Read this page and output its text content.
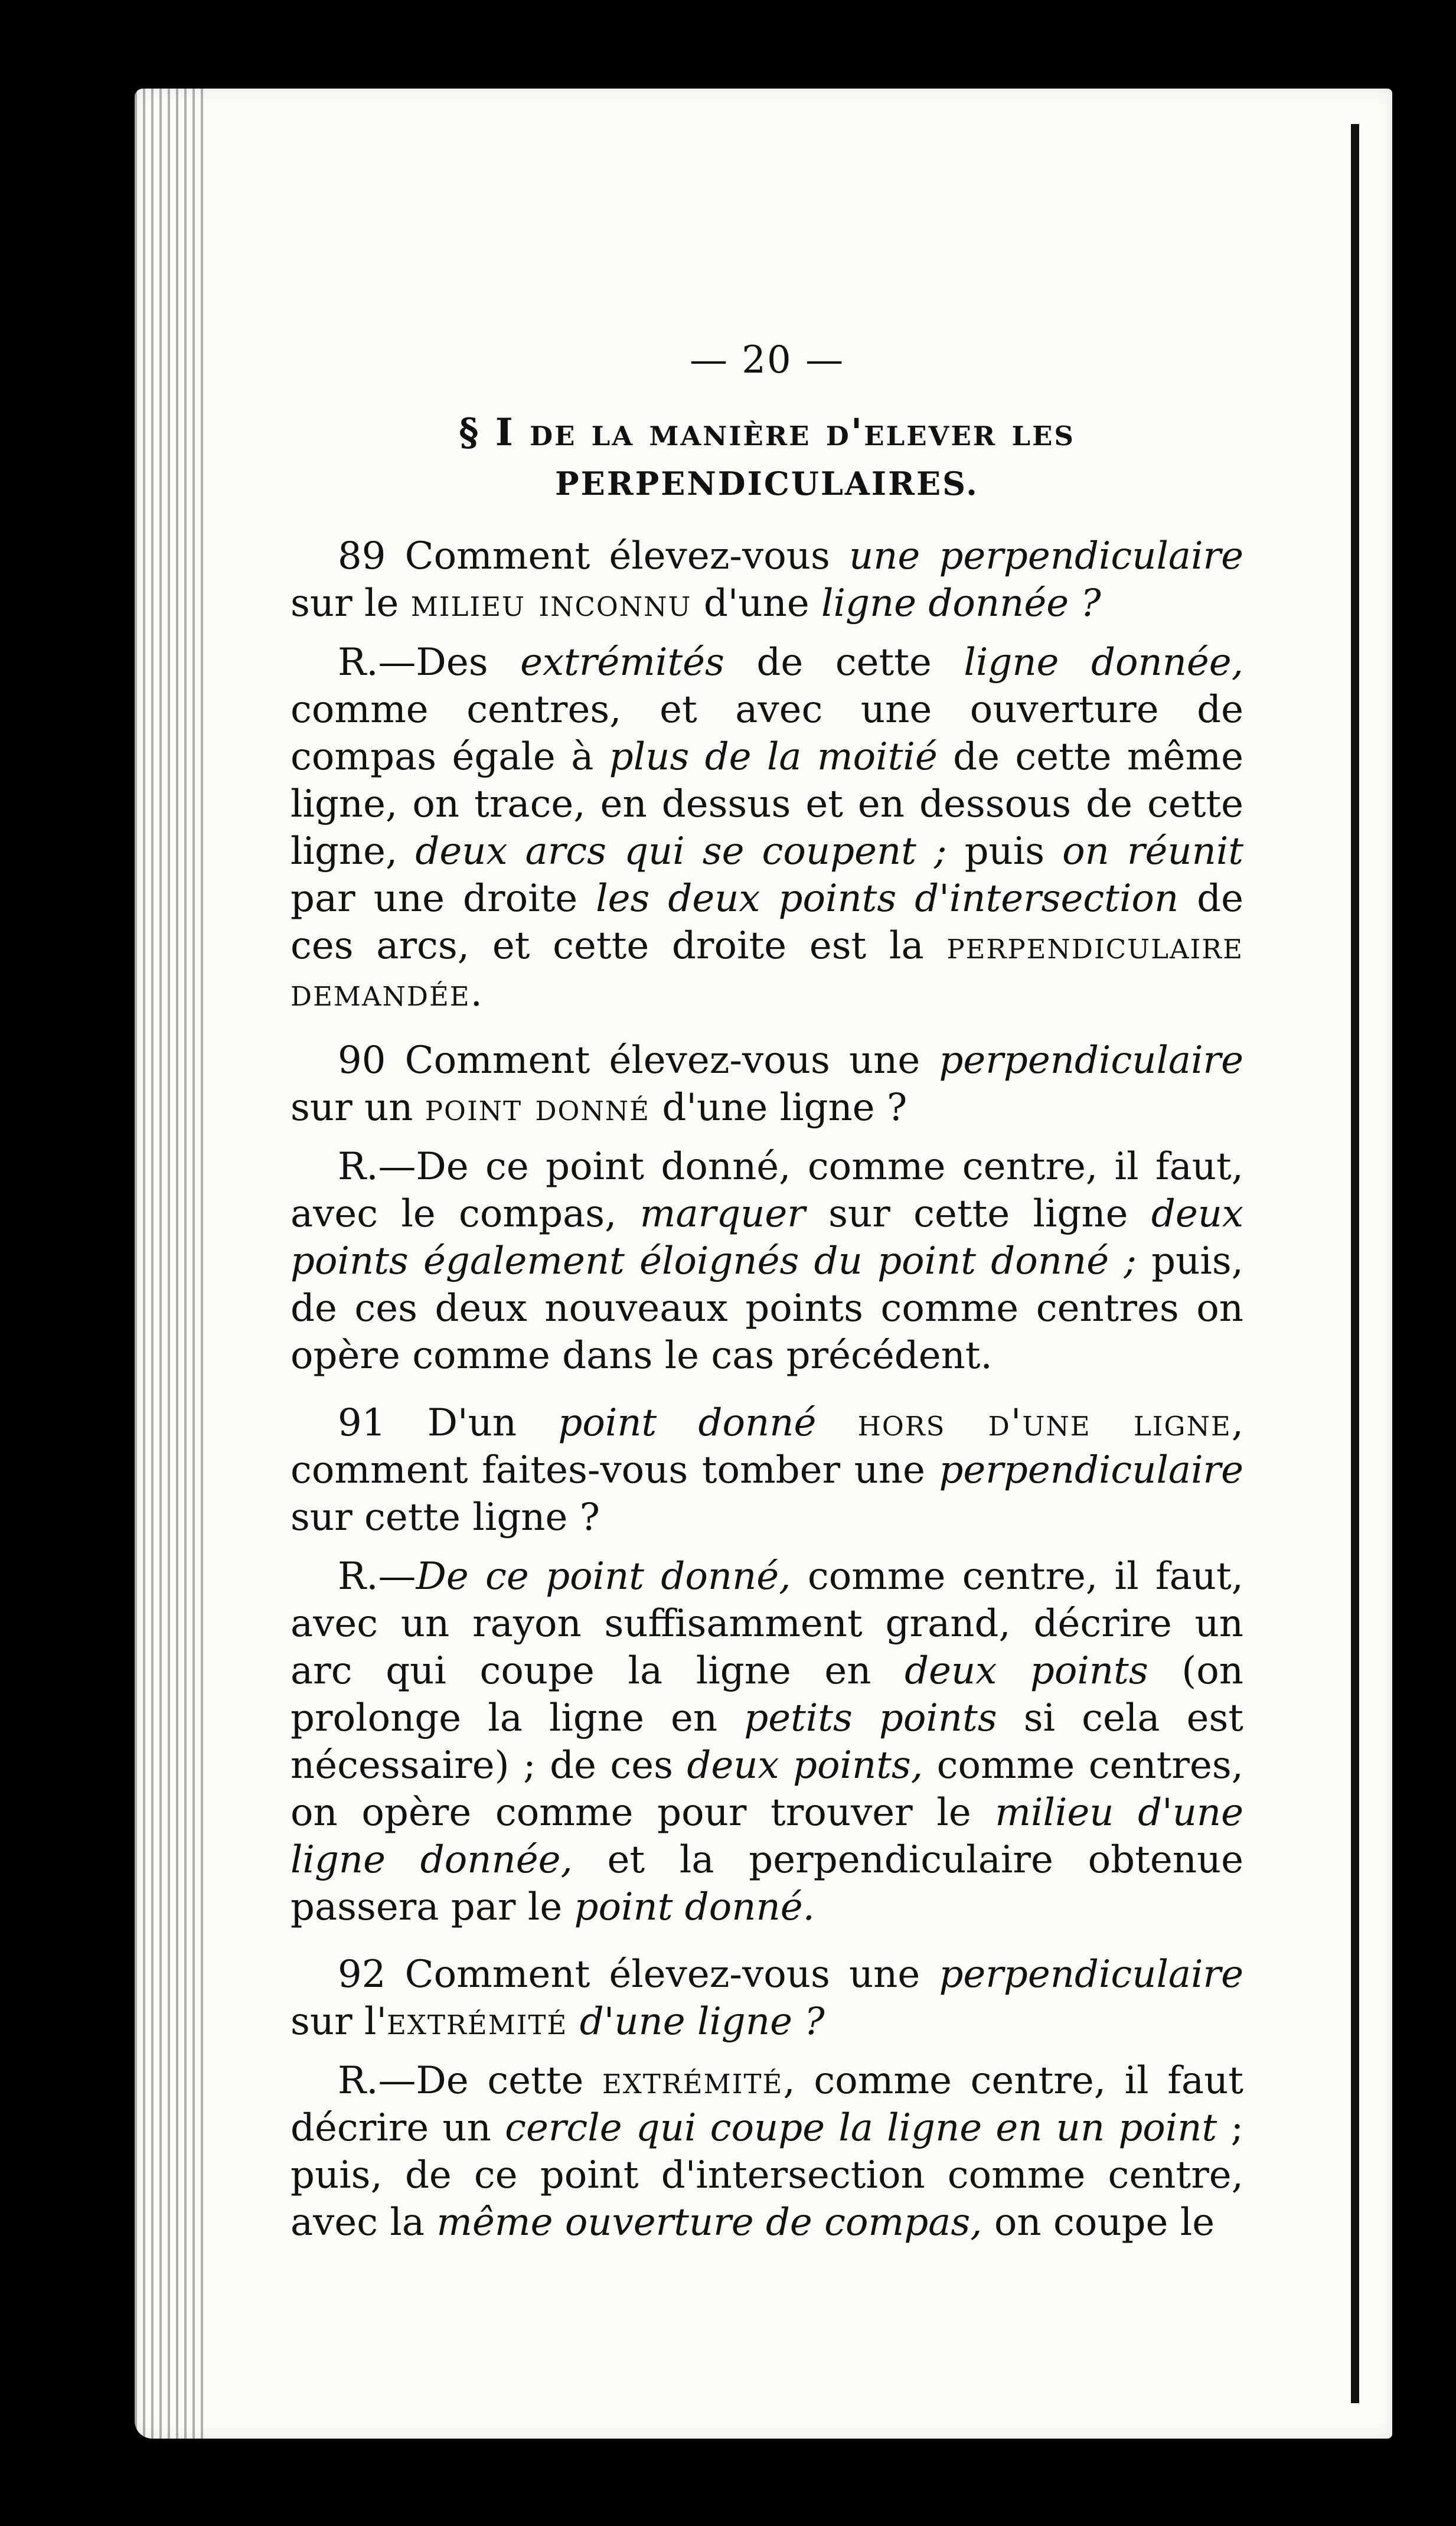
— 20 —
§ I de la manière d'elever les
PERPENDICULAIRES.

89 Comment élevez-vous une perpendiculaire sur le milieu inconnu d'une ligne donnée ?

R.—Des extrémités de cette ligne donnée, comme centres, et avec une ouverture de compas égale à plus de la moitié de cette même ligne, on trace, en dessus et en dessous de cette ligne, deux arcs qui se coupent ; puis on réunit par une droite les deux points d'intersection de ces arcs, et cette droite est la perpendiculaire demandée.

90 Comment élevez-vous une perpendiculaire sur un point donné d'une ligne ?

R.—De ce point donné, comme centre, il faut, avec le compas, marquer sur cette ligne deux points également éloignés du point donné ; puis, de ces deux nouveaux points comme centres on opère comme dans le cas précédent.

91 D'un point donné hors d'une ligne, comment faites-vous tomber une perpendiculaire sur cette ligne ?

R.—De ce point donné, comme centre, il faut, avec un rayon suffisamment grand, décrire un arc qui coupe la ligne en deux points (on prolonge la ligne en petits points si cela est nécessaire) ; de ces deux points, comme centres, on opère comme pour trouver le milieu d'une ligne donnée, et la perpendiculaire obtenue passera par le point donné.

92 Comment élevez-vous une perpendiculaire sur l'extrémité d'une ligne ?

R.—De cette extrémité, comme centre, il faut décrire un cercle qui coupe la ligne en un point ; puis, de ce point d'intersection comme centre, avec la même ouverture de compas, on coupe le
